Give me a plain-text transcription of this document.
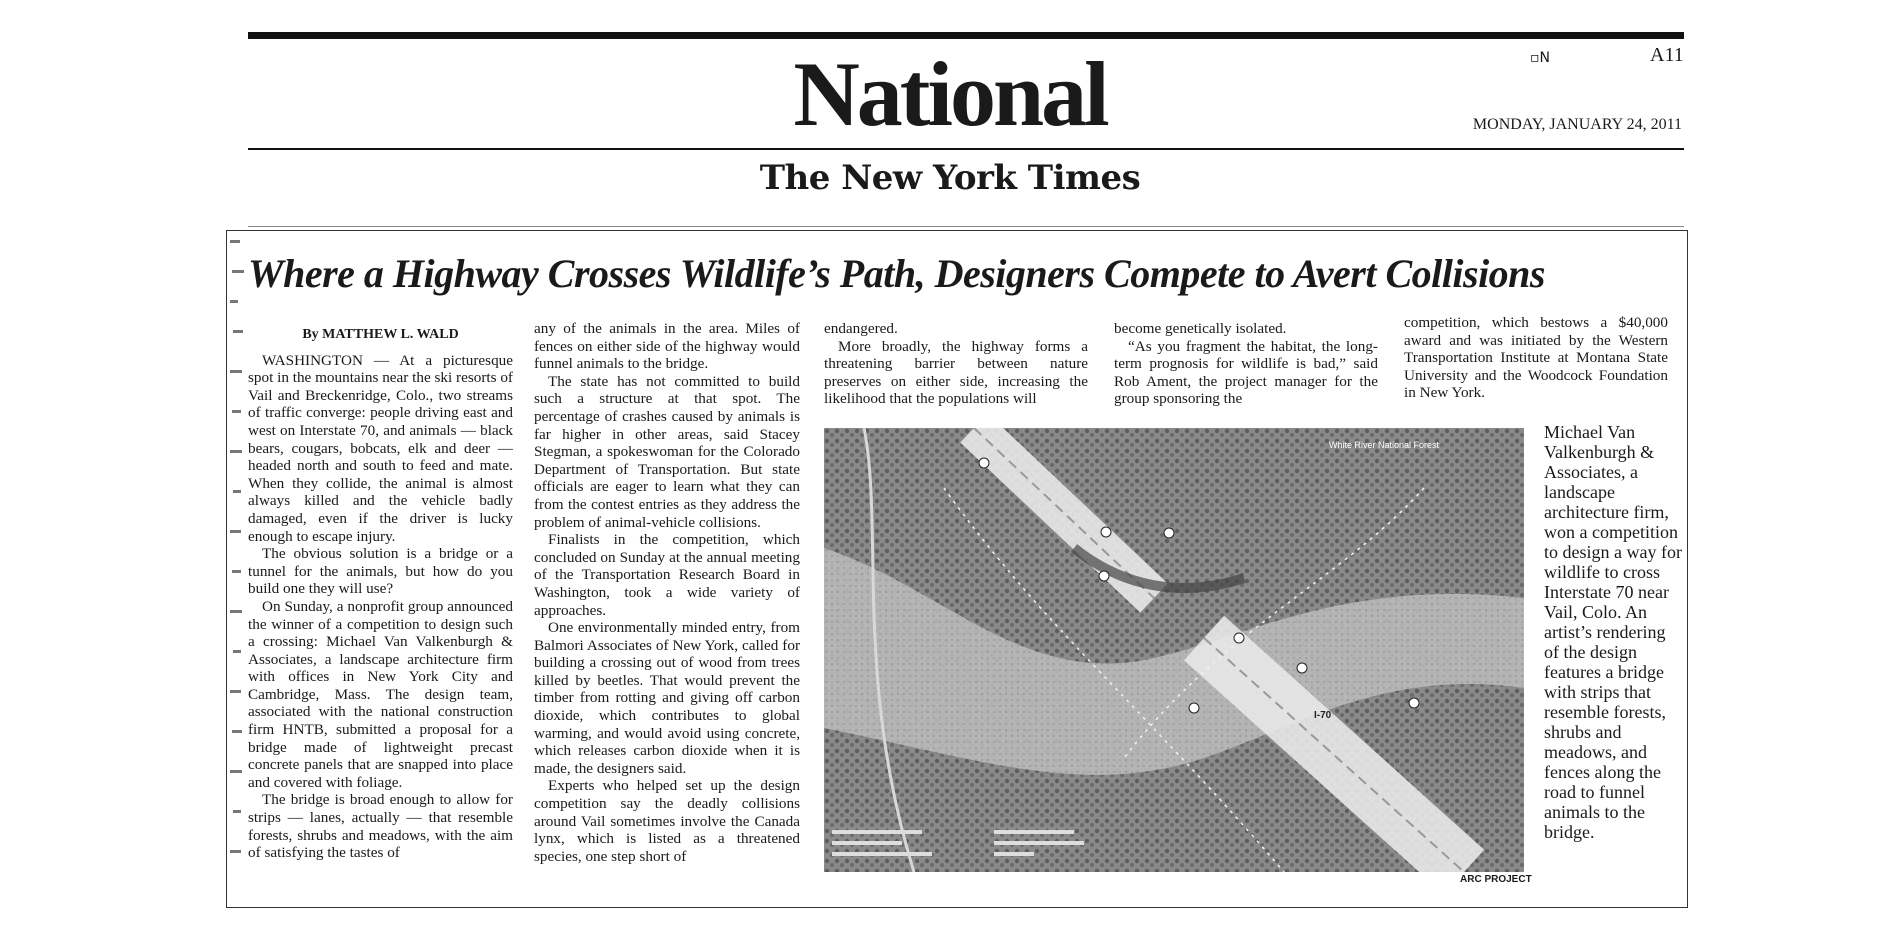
National	▫N	A11
MONDAY, JANUARY 24, 2011
The New York Times
Where a Highway Crosses Wildlife’s Path, Designers Compete to Avert Collisions

By MATTHEW L. WALD

WASHINGTON — At a picturesque spot in the mountains near the ski resorts of Vail and Breckenridge, Colo., two streams of traffic converge: people driving east and west on Interstate 70, and animals — black bears, cougars, bobcats, elk and deer — headed north and south to feed and mate. When they collide, the animal is almost always killed and the vehicle badly damaged, even if the driver is lucky enough to escape injury.

The obvious solution is a bridge or a tunnel for the animals, but how do you build one they will use?

On Sunday, a nonprofit group announced the winner of a competition to design such a crossing: Michael Van Valkenburgh & Associates, a landscape architecture firm with offices in New York City and Cambridge, Mass. The design team, associated with the national construction firm HNTB, submitted a proposal for a bridge made of lightweight precast concrete panels that are snapped into place and covered with foliage.

The bridge is broad enough to allow for strips — lanes, actually — that resemble forests, shrubs and meadows, with the aim of satisfying the tastes of

any of the animals in the area. Miles of fences on either side of the highway would funnel animals to the bridge.

The state has not committed to build such a structure at that spot. The percentage of crashes caused by animals is far higher in other areas, said Stacey Stegman, a spokeswoman for the Colorado Department of Transportation. But state officials are eager to learn what they can from the contest entries as they address the problem of animal-vehicle collisions.

Finalists in the competition, which concluded on Sunday at the annual meeting of the Transportation Research Board in Washington, took a wide variety of approaches.

One environmentally minded entry, from Balmori Associates of New York, called for building a crossing out of wood from trees killed by beetles. That would prevent the timber from rotting and giving off carbon dioxide, which contributes to global warming, and would avoid using concrete, which releases carbon dioxide when it is made, the designers said.

Experts who helped set up the design competition say the deadly collisions around Vail sometimes involve the Canada lynx, which is listed as a threatened species, one step short of

endangered.

More broadly, the highway forms a threatening barrier between nature preserves on either side, increasing the likelihood that the populations will

become genetically isolated.

“As you fragment the habitat, the long-term prognosis for wildlife is bad,” said Rob Ament, the project manager for the group sponsoring the

competition, which bestows a $40,000 award and was initiated by the Western Transportation Institute at Montana State University and the Woodcock Foundation in New York.

White River National Forest
I-70
ARC PROJECT
Michael Van Valkenburgh & Associates, a landscape architecture firm, won a competition to design a way for wildlife to cross Interstate 70 near Vail, Colo. An artist’s rendering of the design features a bridge with strips that resemble forests, shrubs and meadows, and fences along the road to funnel animals to the bridge.
